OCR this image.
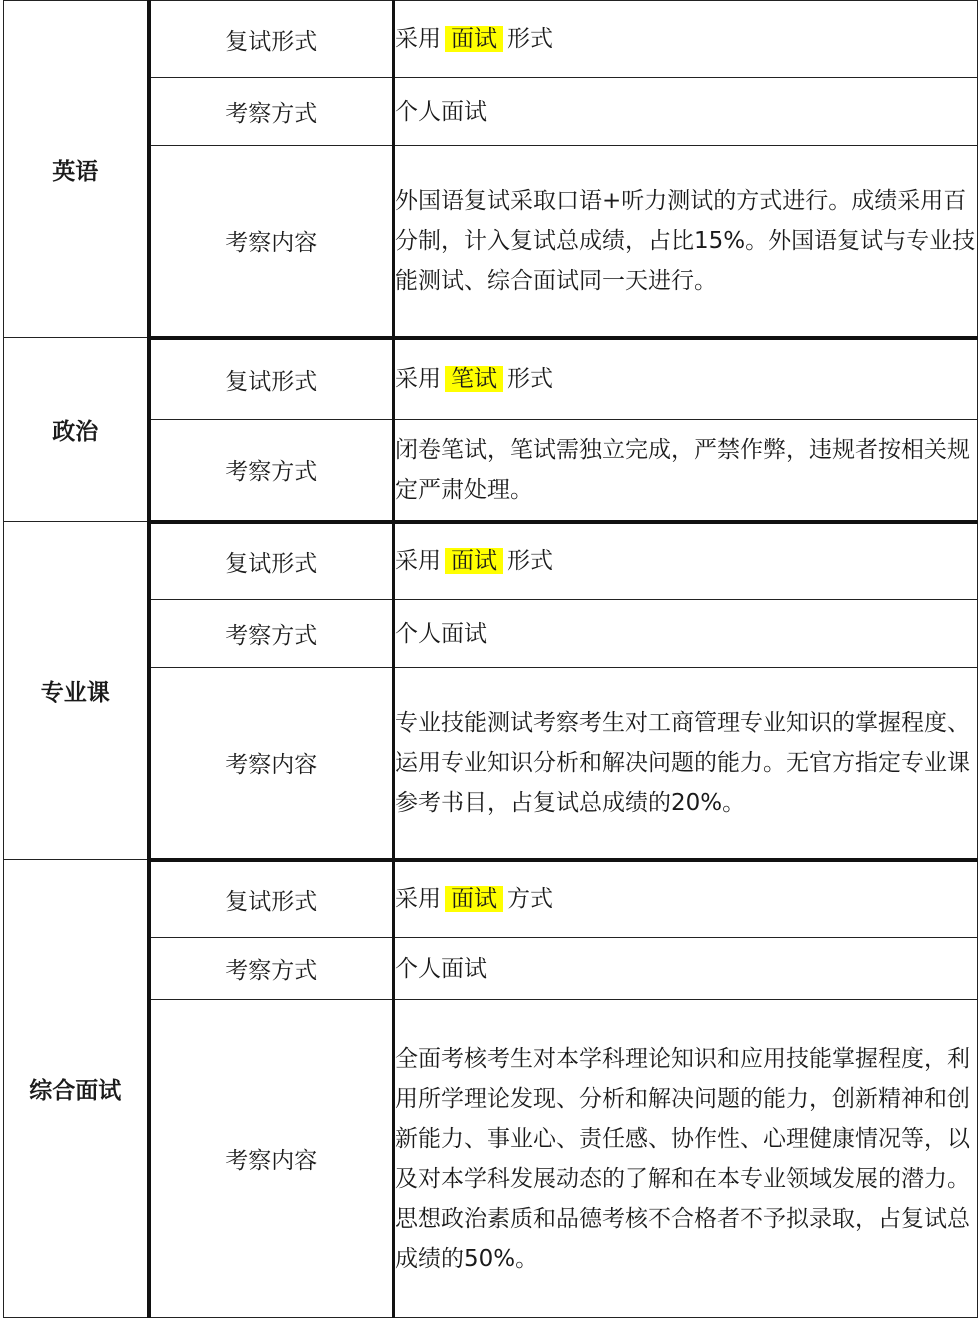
英语	复试形式	采用 面试 形式
	考察方式	个人面试
	考察内容	外国语复试采取口语+听力测试的方式进行。成绩采用百分制，计入复试总成绩，占比15%。外国语复试与专业技能测试、综合面试同一天进行。
政治	复试形式	采用 笔试 形式
	考察方式	闭卷笔试，笔试需独立完成，严禁作弊，违规者按相关规定严肃处理。
专业课	复试形式	采用 面试 形式
	考察方式	个人面试
	考察内容	专业技能测试考察考生对工商管理专业知识的掌握程度、运用专业知识分析和解决问题的能力。无官方指定专业课参考书目，占复试总成绩的20%。
综合面试	复试形式	采用 面试 方式
	考察方式	个人面试
	考察内容	全面考核考生对本学科理论知识和应用技能掌握程度，利用所学理论发现、分析和解决问题的能力，创新精神和创新能力、事业心、责任感、协作性、心理健康情况等，以及对本学科发展动态的了解和在本专业领域发展的潜力。思想政治素质和品德考核不合格者不予拟录取，占复试总成绩的50%。
